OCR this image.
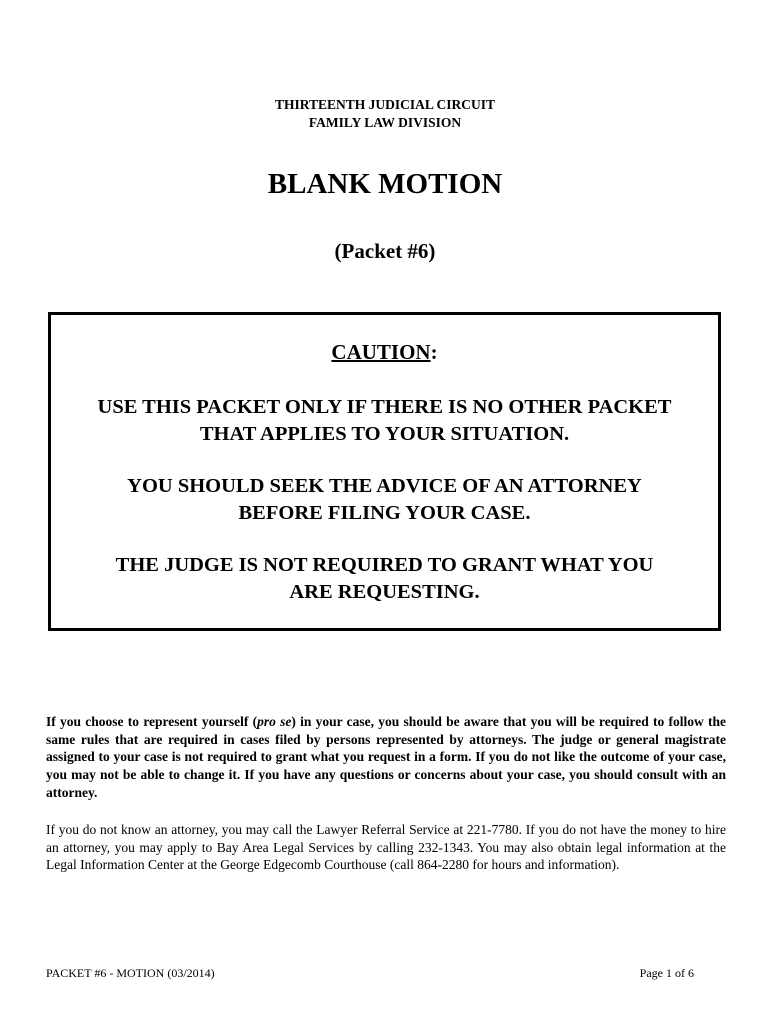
THIRTEENTH JUDICIAL CIRCUIT
FAMILY LAW DIVISION
BLANK MOTION
(Packet #6)
CAUTION:
USE THIS PACKET ONLY IF THERE IS NO OTHER PACKET
THAT APPLIES TO YOUR SITUATION.
YOU SHOULD SEEK THE ADVICE OF AN ATTORNEY
BEFORE FILING YOUR CASE.
THE JUDGE IS NOT REQUIRED TO GRANT WHAT YOU
ARE REQUESTING.
If you choose to represent yourself (pro se) in your case, you should be aware that you will be required to follow the same rules that are required in cases filed by persons represented by attorneys. The judge or general magistrate assigned to your case is not required to grant what you request in a form. If you do not like the outcome of your case, you may not be able to change it. If you have any questions or concerns about your case, you should consult with an attorney.
If you do not know an attorney, you may call the Lawyer Referral Service at 221-7780. If you do not have the money to hire an attorney, you may apply to Bay Area Legal Services by calling 232-1343. You may also obtain legal information at the Legal Information Center at the George Edgecomb Courthouse (call 864-2280 for hours and information).
PACKET #6 - MOTION (03/2014)	Page 1 of 6
